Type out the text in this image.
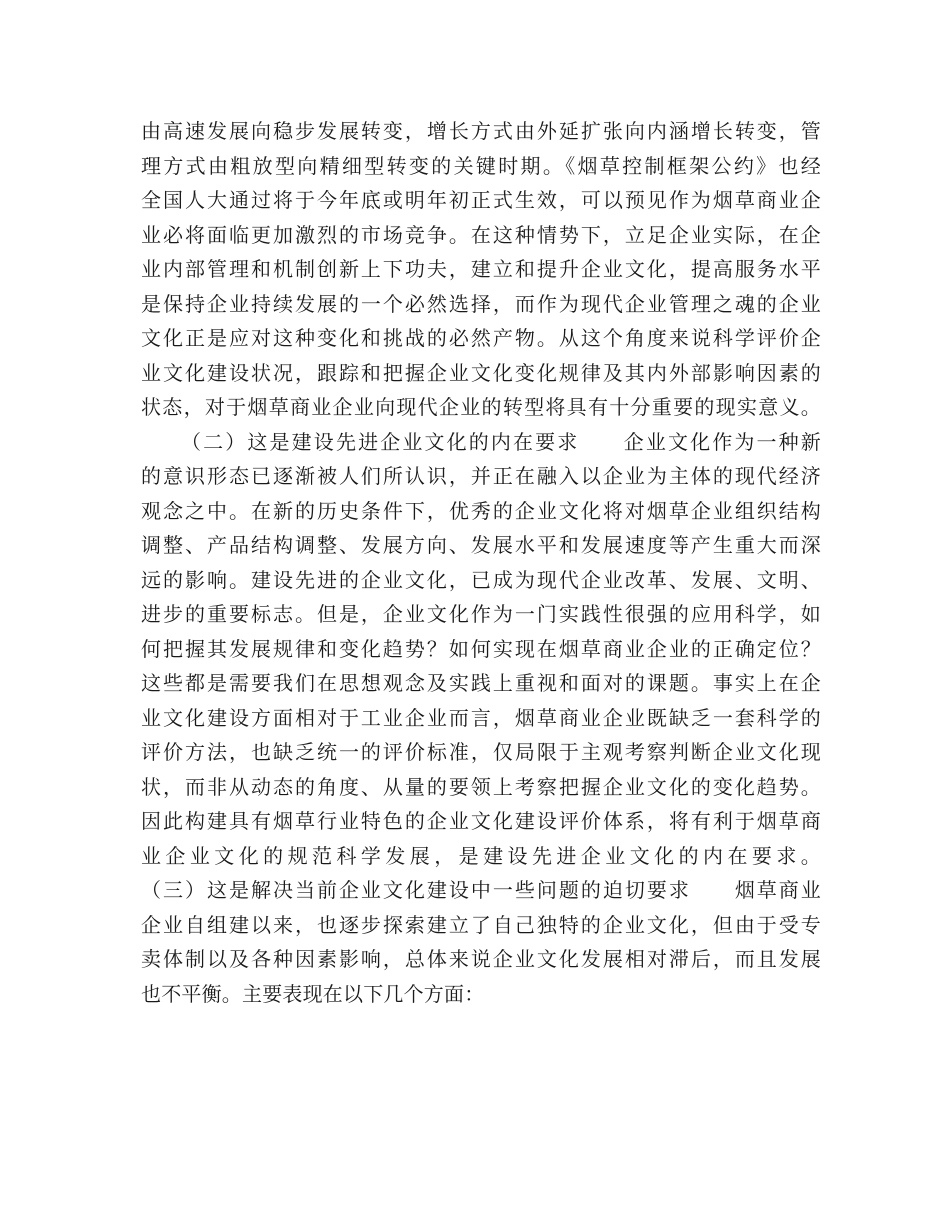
由高速发展向稳步发展转变，增长方式由外延扩张向内涵增长转变，管
理方式由粗放型向精细型转变的关键时期。《烟草控制框架公约》也经
全国人大通过将于今年底或明年初正式生效，可以预见作为烟草商业企
业必将面临更加激烈的市场竞争。在这种情势下，立足企业实际，在企
业内部管理和机制创新上下功夫，建立和提升企业文化，提高服务水平
是保持企业持续发展的一个必然选择，而作为现代企业管理之魂的企业
文化正是应对这种变化和挑战的必然产物。从这个角度来说科学评价企
业文化建设状况，跟踪和把握企业文化变化规律及其内外部影响因素的
状态，对于烟草商业企业向现代企业的转型将具有十分重要的现实意义。
（二）这是建设先进企业文化的内在要求　　企业文化作为一种新
的意识形态已逐渐被人们所认识，并正在融入以企业为主体的现代经济
观念之中。在新的历史条件下，优秀的企业文化将对烟草企业组织结构
调整、产品结构调整、发展方向、发展水平和发展速度等产生重大而深
远的影响。建设先进的企业文化，已成为现代企业改革、发展、文明、
进步的重要标志。但是，企业文化作为一门实践性很强的应用科学，如
何把握其发展规律和变化趋势？如何实现在烟草商业企业的正确定位？
这些都是需要我们在思想观念及实践上重视和面对的课题。事实上在企
业文化建设方面相对于工业企业而言，烟草商业企业既缺乏一套科学的
评价方法，也缺乏统一的评价标准，仅局限于主观考察判断企业文化现
状，而非从动态的角度、从量的要领上考察把握企业文化的变化趋势。
因此构建具有烟草行业特色的企业文化建设评价体系，将有利于烟草商
业企业文化的规范科学发展，是建设先进企业文化的内在要求。
（三）这是解决当前企业文化建设中一些问题的迫切要求　　烟草商业
企业自组建以来，也逐步探索建立了自己独特的企业文化，但由于受专
卖体制以及各种因素影响，总体来说企业文化发展相对滞后，而且发展
也不平衡。主要表现在以下几个方面：
